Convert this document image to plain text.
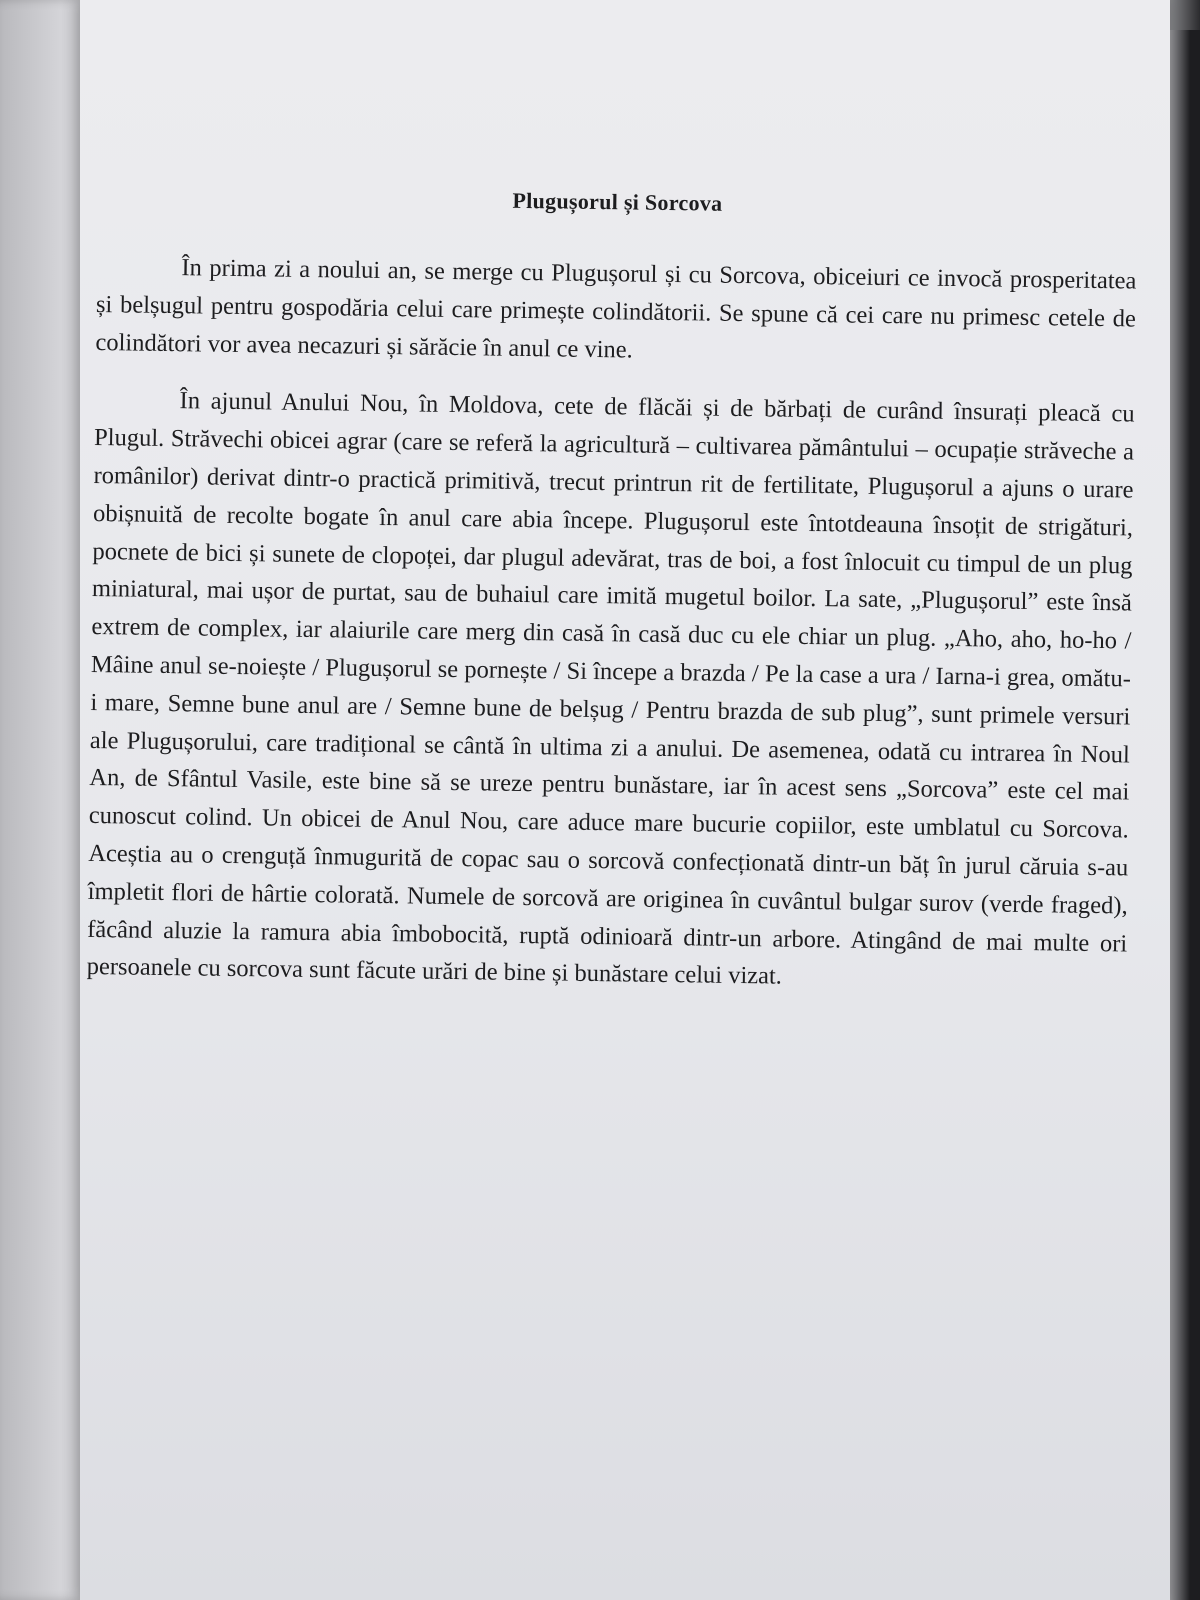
Plugușorul și Sorcova

În prima zi a noului an, se merge cu Plugușorul și cu Sorcova, obiceiuri ce invocă prosperitatea și belșugul pentru gospodăria celui care primește colindătorii. Se spune că cei care nu primesc cetele de colindători vor avea necazuri și sărăcie în anul ce vine.

În ajunul Anului Nou, în Moldova, cete de flăcăi și de bărbați de curând însurați pleacă cu Plugul. Străvechi obicei agrar (care se referă la agricultură – cultivarea pământului – ocupație străveche a românilor) derivat dintr-o practică primitivă, trecut printrun rit de fertilitate, Plugușorul a ajuns o urare obișnuită de recolte bogate în anul care abia începe. Plugușorul este întotdeauna însoțit de strigături, pocnete de bici și sunete de clopoței, dar plugul adevărat, tras de boi, a fost înlocuit cu timpul de un plug miniatural, mai ușor de purtat, sau de buhaiul care imită mugetul boilor. La sate, „Plugușorul” este însă extrem de complex, iar alaiurile care merg din casă în casă duc cu ele chiar un plug. „Aho, aho, ho-ho / Mâine anul se-noiește / Plugușorul se pornește / Si începe a brazda / Pe la case a ura / Iarna-i grea, omătu-i mare, Semne bune anul are / Semne bune de belșug / Pentru brazda de sub plug”, sunt primele versuri ale Plugușorului, care tradițional se cântă în ultima zi a anului. De asemenea, odată cu intrarea în Noul An, de Sfântul Vasile, este bine să se ureze pentru bunăstare, iar în acest sens „Sorcova” este cel mai cunoscut colind. Un obicei de Anul Nou, care aduce mare bucurie copiilor, este umblatul cu Sorcova. Aceștia au o crenguță înmugurită de copac sau o sorcovă confecționată dintr-un băț în jurul căruia s-au împletit flori de hârtie colorată. Numele de sorcovă are originea în cuvântul bulgar surov (verde fraged), făcând aluzie la ramura abia îmbobocită, ruptă odinioară dintr-un arbore. Atingând de mai multe ori persoanele cu sorcova sunt făcute urări de bine și bunăstare celui vizat.
